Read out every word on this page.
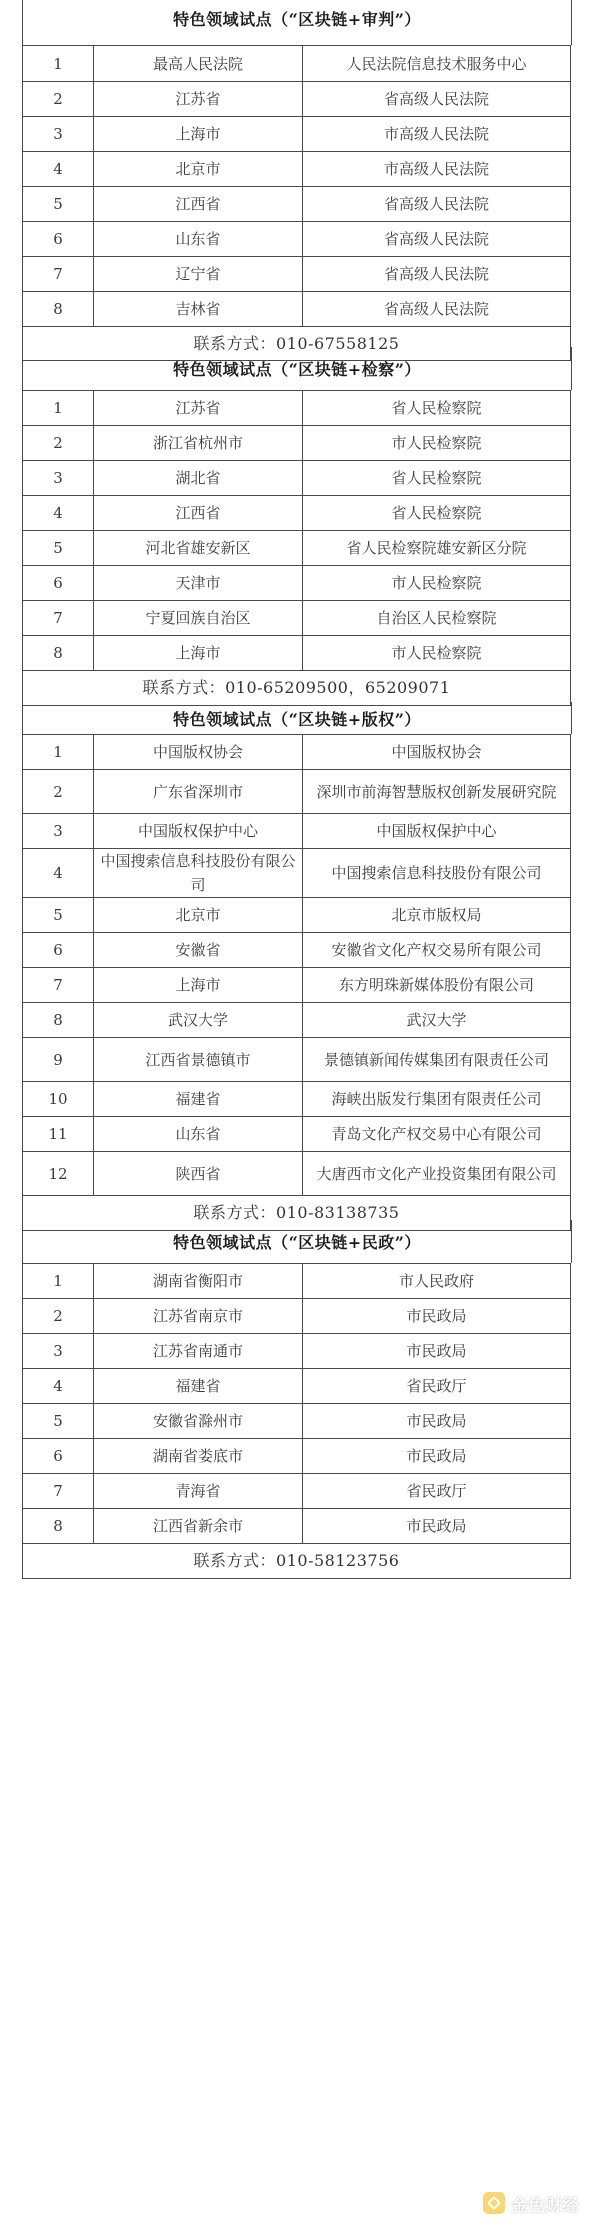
特色领域试点（“区块链+审判”）
1	最高人民法院	人民法院信息技术服务中心
2	江苏省	省高级人民法院
3	上海市	市高级人民法院
4	北京市	市高级人民法院
5	江西省	省高级人民法院
6	山东省	省高级人民法院
7	辽宁省	省高级人民法院
8	吉林省	省高级人民法院
联系方式：010-67558125		
特色领域试点（“区块链+检察”）
1	江苏省	省人民检察院
2	浙江省杭州市	市人民检察院
3	湖北省	省人民检察院
4	江西省	省人民检察院
5	河北省雄安新区	省人民检察院雄安新区分院
6	天津市	市人民检察院
7	宁夏回族自治区	自治区人民检察院
8	上海市	市人民检察院
联系方式：010-65209500，65209071		
特色领域试点（“区块链+版权”）
1	中国版权协会	中国版权协会
2	广东省深圳市	深圳市前海智慧版权创新发展研究院
3	中国版权保护中心	中国版权保护中心
4	中国搜索信息科技股份有限公司	中国搜索信息科技股份有限公司
5	北京市	北京市版权局
6	安徽省	安徽省文化产权交易所有限公司
7	上海市	东方明珠新媒体股份有限公司
8	武汉大学	武汉大学
9	江西省景德镇市	景德镇新闻传媒集团有限责任公司
10	福建省	海峡出版发行集团有限责任公司
11	山东省	青岛文化产权交易中心有限公司
12	陕西省	大唐西市文化产业投资集团有限公司
联系方式：010-83138735		
特色领域试点（“区块链+民政”）
1	湖南省衡阳市	市人民政府
2	江苏省南京市	市民政局
3	江苏省南通市	市民政局
4	福建省	省民政厅
5	安徽省滁州市	市民政局
6	湖南省娄底市	市民政局
7	青海省	省民政厅
8	江西省新余市	市民政局
联系方式：010-58123756		
金色财经
